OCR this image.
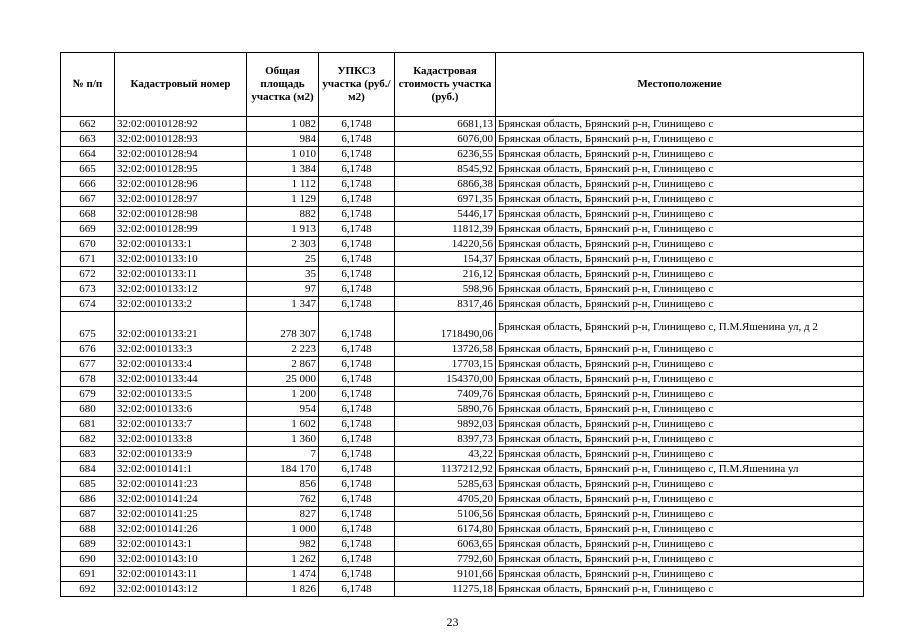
№ п/п	Кадастровый номер	Общая площадь участка (м2)	УПКСЗ участка (руб./м2)	Кадастровая стоимость участка (руб.)	Местоположение
662	32:02:0010128:92	1 082	6,1748	6681,13	Брянская область, Брянский р-н, Глинищево с
663	32:02:0010128:93	984	6,1748	6076,00	Брянская область, Брянский р-н, Глинищево с
664	32:02:0010128:94	1 010	6,1748	6236,55	Брянская область, Брянский р-н, Глинищево с
665	32:02:0010128:95	1 384	6,1748	8545,92	Брянская область, Брянский р-н, Глинищево с
666	32:02:0010128:96	1 112	6,1748	6866,38	Брянская область, Брянский р-н, Глинищево с
667	32:02:0010128:97	1 129	6,1748	6971,35	Брянская область, Брянский р-н, Глинищево с
668	32:02:0010128:98	882	6,1748	5446,17	Брянская область, Брянский р-н, Глинищево с
669	32:02:0010128:99	1 913	6,1748	11812,39	Брянская область, Брянский р-н, Глинищево с
670	32:02:0010133:1	2 303	6,1748	14220,56	Брянская область, Брянский р-н, Глинищево с
671	32:02:0010133:10	25	6,1748	154,37	Брянская область, Брянский р-н, Глинищево с
672	32:02:0010133:11	35	6,1748	216,12	Брянская область, Брянский р-н, Глинищево с
673	32:02:0010133:12	97	6,1748	598,96	Брянская область, Брянский р-н, Глинищево с
674	32:02:0010133:2	1 347	6,1748	8317,46	Брянская область, Брянский р-н, Глинищево с
675	32:02:0010133:21	278 307	6,1748	1718490,06	Брянская область, Брянский р-н, Глинищево с, П.М.Яшенина ул, д 2
676	32:02:0010133:3	2 223	6,1748	13726,58	Брянская область, Брянский р-н, Глинищево с
677	32:02:0010133:4	2 867	6,1748	17703,15	Брянская область, Брянский р-н, Глинищево с
678	32:02:0010133:44	25 000	6,1748	154370,00	Брянская область, Брянский р-н, Глинищево с
679	32:02:0010133:5	1 200	6,1748	7409,76	Брянская область, Брянский р-н, Глинищево с
680	32:02:0010133:6	954	6,1748	5890,76	Брянская область, Брянский р-н, Глинищево с
681	32:02:0010133:7	1 602	6,1748	9892,03	Брянская область, Брянский р-н, Глинищево с
682	32:02:0010133:8	1 360	6,1748	8397,73	Брянская область, Брянский р-н, Глинищево с
683	32:02:0010133:9	7	6,1748	43,22	Брянская область, Брянский р-н, Глинищево с
684	32:02:0010141:1	184 170	6,1748	1137212,92	Брянская область, Брянский р-н, Глинищево с, П.М.Яшенина ул
685	32:02:0010141:23	856	6,1748	5285,63	Брянская область, Брянский р-н, Глинищево с
686	32:02:0010141:24	762	6,1748	4705,20	Брянская область, Брянский р-н, Глинищево с
687	32:02:0010141:25	827	6,1748	5106,56	Брянская область, Брянский р-н, Глинищево с
688	32:02:0010141:26	1 000	6,1748	6174,80	Брянская область, Брянский р-н, Глинищево с
689	32:02:0010143:1	982	6,1748	6063,65	Брянская область, Брянский р-н, Глинищево с
690	32:02:0010143:10	1 262	6,1748	7792,60	Брянская область, Брянский р-н, Глинищево с
691	32:02:0010143:11	1 474	6,1748	9101,66	Брянская область, Брянский р-н, Глинищево с
692	32:02:0010143:12	1 826	6,1748	11275,18	Брянская область, Брянский р-н, Глинищево с
23
